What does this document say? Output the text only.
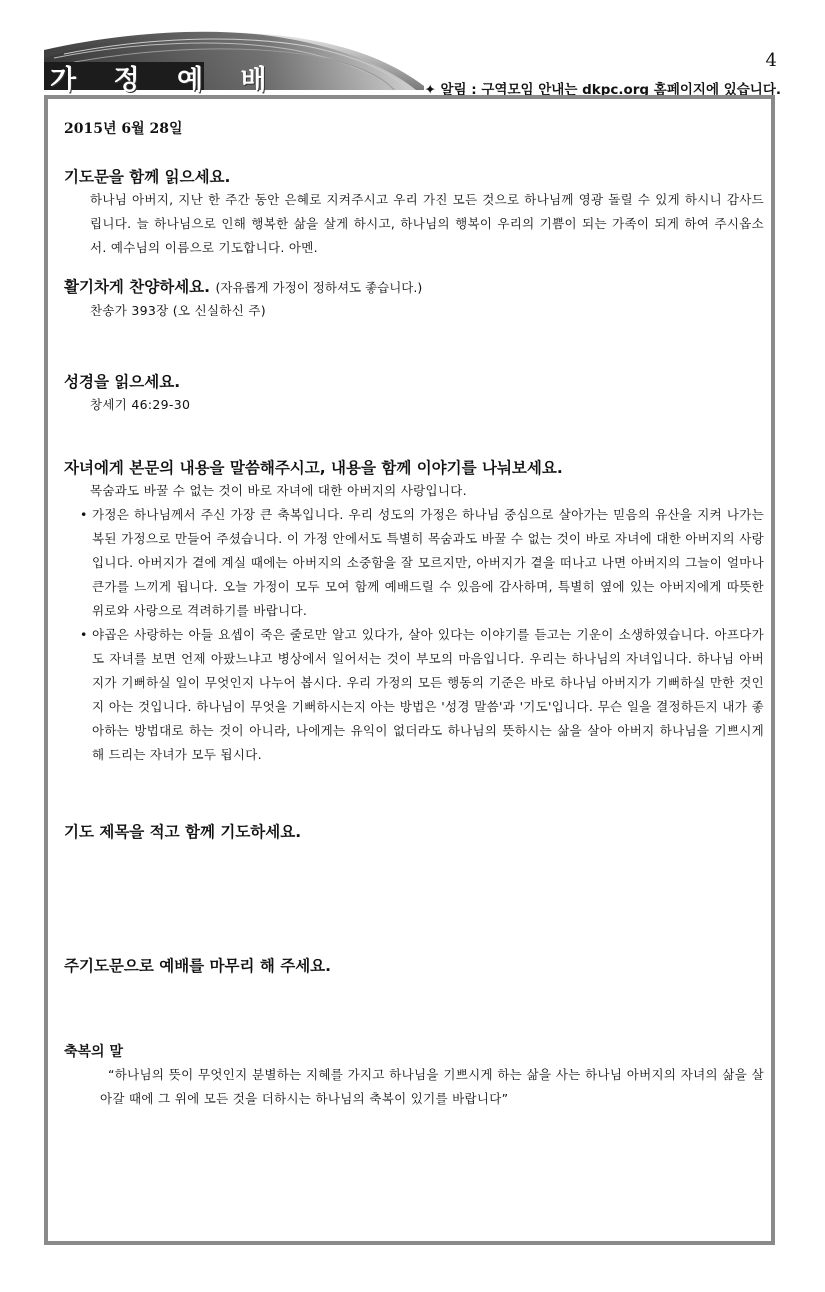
가 정 예 배
4
✦ 알림 : 구역모임 안내는 dkpc.org 홈페이지에 있습니다.

2015년 6월 28일

기도문을 함께 읽으세요.

하나님 아버지, 지난 한 주간 동안 은혜로 지켜주시고 우리 가진 모든 것으로 하나님께 영광 돌릴 수 있게 하시니 감사드립니다. 늘 하나님으로 인해 행복한 삶을 살게 하시고, 하나님의 행복이 우리의 기쁨이 되는 가족이 되게 하여 주시옵소서. 예수님의 이름으로 기도합니다. 아멘.

활기차게 찬양하세요. (자유롭게 가정이 정하셔도 좋습니다.)

찬송가 393장 (오 신실하신 주)

성경을 읽으세요.

창세기 46:29-30

자녀에게 본문의 내용을 말씀해주시고, 내용을 함께 이야기를 나눠보세요.

목숨과도 바꿀 수 없는 것이 바로 자녀에 대한 아버지의 사랑입니다.

• 가정은 하나님께서 주신 가장 큰 축복입니다. 우리 성도의 가정은 하나님 중심으로 살아가는 믿음의 유산을 지켜 나가는 복된 가정으로 만들어 주셨습니다. 이 가정 안에서도 특별히 목숨과도 바꿀 수 없는 것이 바로 자녀에 대한 아버지의 사랑입니다. 아버지가 곁에 계실 때에는 아버지의 소중함을 잘 모르지만, 아버지가 곁을 떠나고 나면 아버지의 그늘이 얼마나 큰가를 느끼게 됩니다. 오늘 가정이 모두 모여 함께 예배드릴 수 있음에 감사하며, 특별히 옆에 있는 아버지에게 따뜻한 위로와 사랑으로 격려하기를 바랍니다.
• 야곱은 사랑하는 아들 요셉이 죽은 줄로만 알고 있다가, 살아 있다는 이야기를 듣고는 기운이 소생하였습니다. 아프다가도 자녀를 보면 언제 아팠느냐고 병상에서 일어서는 것이 부모의 마음입니다. 우리는 하나님의 자녀입니다. 하나님 아버지가 기뻐하실 일이 무엇인지 나누어 봅시다. 우리 가정의 모든 행동의 기준은 바로 하나님 아버지가 기뻐하실 만한 것인지 아는 것입니다. 하나님이 무엇을 기뻐하시는지 아는 방법은 '성경 말씀'과 '기도'입니다. 무슨 일을 결정하든지 내가 좋아하는 방법대로 하는 것이 아니라, 나에게는 유익이 없더라도 하나님의 뜻하시는 삶을 살아 아버지 하나님을 기쁘시게 해 드리는 자녀가 모두 됩시다.

기도 제목을 적고 함께 기도하세요.

주기도문으로 예배를 마무리 해 주세요.

축복의 말

“하나님의 뜻이 무엇인지 분별하는 지혜를 가지고 하나님을 기쁘시게 하는 삶을 사는 하나님 아버지의 자녀의 삶을 살아갈 때에 그 위에 모든 것을 더하시는 하나님의 축복이 있기를 바랍니다”
